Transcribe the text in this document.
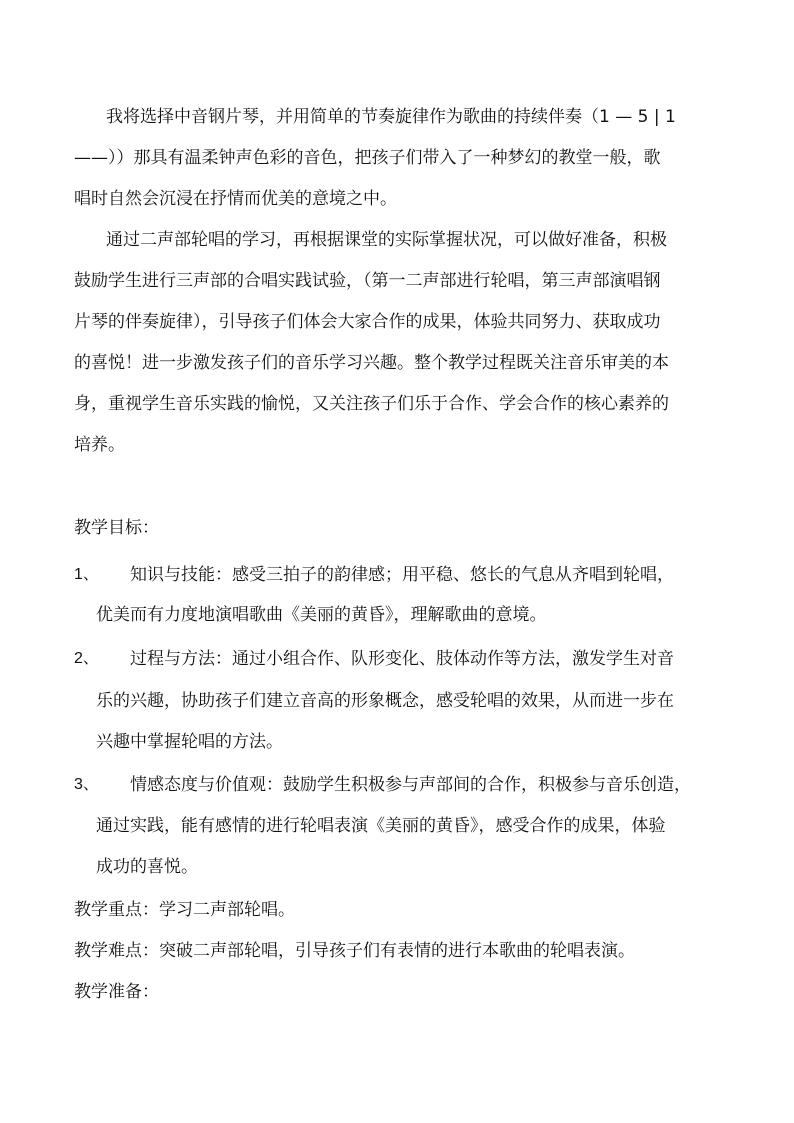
我将选择中音钢片琴，并用简单的节奏旋律作为歌曲的持续伴奏（1 — 5 | 1
——））那具有温柔钟声色彩的音色，把孩子们带入了一种梦幻的教堂一般，歌
唱时自然会沉浸在抒情而优美的意境之中。
通过二声部轮唱的学习，再根据课堂的实际掌握状况，可以做好准备，积极
鼓励学生进行三声部的合唱实践试验，（第一二声部进行轮唱，第三声部演唱钢
片琴的伴奏旋律），引导孩子们体会大家合作的成果，体验共同努力、获取成功
的喜悦！进一步激发孩子们的音乐学习兴趣。整个教学过程既关注音乐审美的本
身，重视学生音乐实践的愉悦，又关注孩子们乐于合作、学会合作的核心素养的
培养。
教学目标：
1、 知识与技能：感受三拍子的韵律感；用平稳、悠长的气息从齐唱到轮唱，
优美而有力度地演唱歌曲《美丽的黄昏》，理解歌曲的意境。
2、 过程与方法：通过小组合作、队形变化、肢体动作等方法，激发学生对音
乐的兴趣，协助孩子们建立音高的形象概念，感受轮唱的效果，从而进一步在
兴趣中掌握轮唱的方法。
3、 情感态度与价值观：鼓励学生积极参与声部间的合作，积极参与音乐创造，
通过实践，能有感情的进行轮唱表演《美丽的黄昏》，感受合作的成果，体验
成功的喜悦。
教学重点：学习二声部轮唱。
教学难点：突破二声部轮唱，引导孩子们有表情的进行本歌曲的轮唱表演。
教学准备：
